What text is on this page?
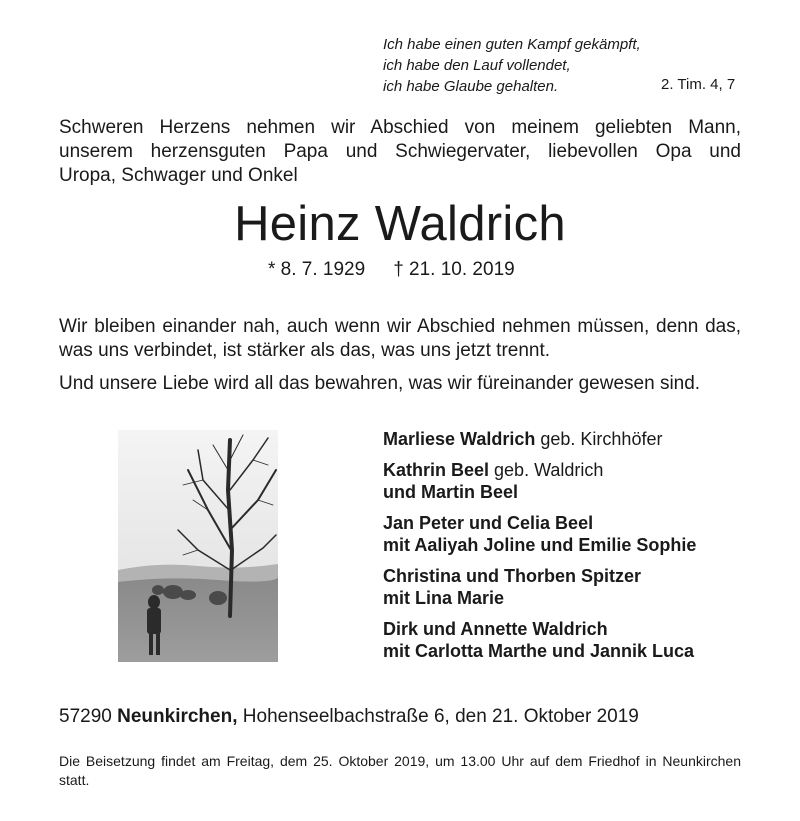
Ich habe einen guten Kampf gekämpft,
ich habe den Lauf vollendet,
ich habe Glaube gehalten.	2. Tim. 4, 7
Schweren Herzens nehmen wir Abschied von meinem geliebten Mann,
unserem herzensguten Papa und Schwiegervater, liebevollen Opa und
Uropa, Schwager und Onkel
Heinz Waldrich
* 8. 7. 1929 † 21. 10. 2019
Wir bleiben einander nah, auch wenn wir Abschied nehmen müssen, denn das, was uns verbindet, ist stärker als das, was uns jetzt trennt.
Und unsere Liebe wird all das bewahren, was wir füreinander gewesen sind.
Marliese Waldrich geb. Kirchhöfer
Kathrin Beel geb. Waldrich
und Martin Beel
Jan Peter und Celia Beel
mit Aaliyah Joline und Emilie Sophie
Christina und Thorben Spitzer
mit Lina Marie
Dirk und Annette Waldrich
mit Carlotta Marthe und Jannik Luca
57290 Neunkirchen, Hohenseelbachstraße 6, den 21. Oktober 2019
Die Beisetzung findet am Freitag, dem 25. Oktober 2019, um 13.00 Uhr auf dem Friedhof in Neunkirchen statt.
